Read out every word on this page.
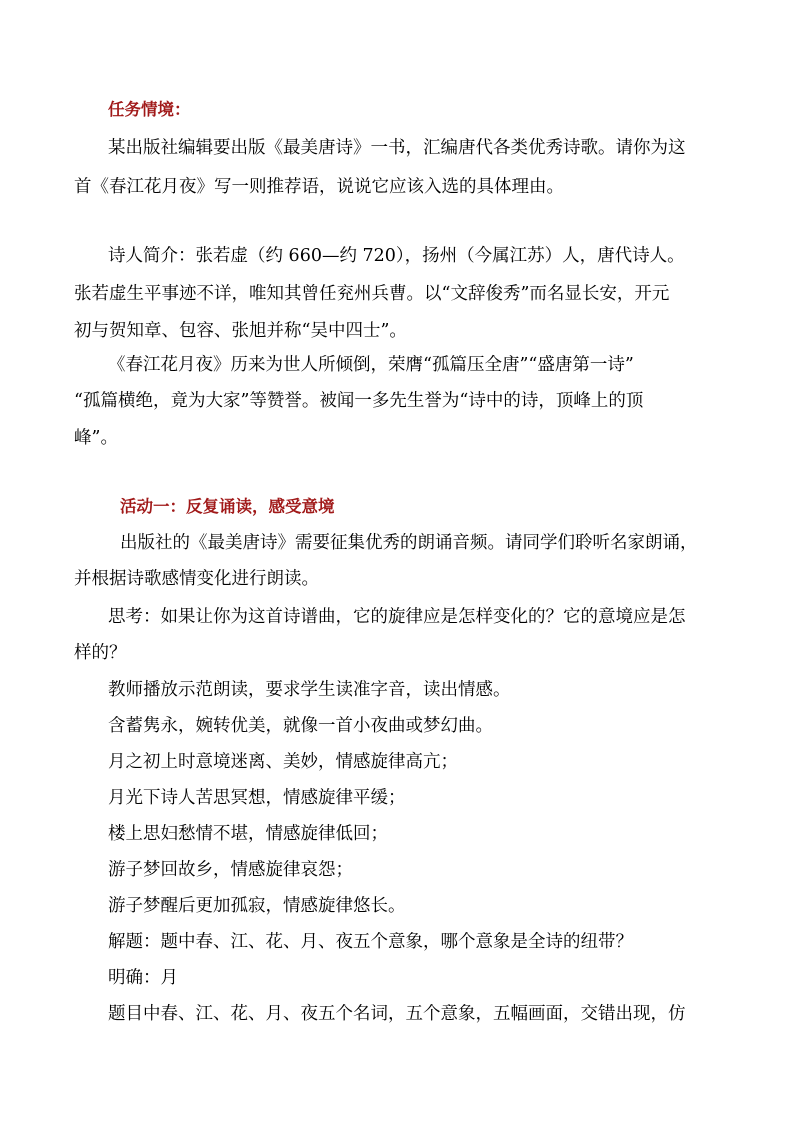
任务情境：
某出版社编辑要出版《最美唐诗》一书，汇编唐代各类优秀诗歌。请你为这
首《春江花月夜》写一则推荐语，说说它应该入选的具体理由。
诗人简介：张若虚（约 660—约 720），扬州（今属江苏）人，唐代诗人。
张若虚生平事迹不详，唯知其曾任兖州兵曹。以“文辞俊秀”而名显长安，开元
初与贺知章、包容、张旭并称“吴中四士”。
《春江花月夜》历来为世人所倾倒，荣膺“孤篇压全唐”“盛唐第一诗”
“孤篇横绝，竟为大家”等赞誉。被闻一多先生誉为“诗中的诗，顶峰上的顶
峰”。
活动一：反复诵读，感受意境
出版社的《最美唐诗》需要征集优秀的朗诵音频。请同学们聆听名家朗诵，
并根据诗歌感情变化进行朗读。
思考：如果让你为这首诗谱曲，它的旋律应是怎样变化的？它的意境应是怎
样的？
教师播放示范朗读，要求学生读准字音，读出情感。
含蓄隽永，婉转优美，就像一首小夜曲或梦幻曲。
月之初上时意境迷离、美妙，情感旋律高亢；
月光下诗人苦思冥想，情感旋律平缓；
楼上思妇愁情不堪，情感旋律低回；
游子梦回故乡，情感旋律哀怨；
游子梦醒后更加孤寂，情感旋律悠长。
解题：题中春、江、花、月、夜五个意象，哪个意象是全诗的纽带？
明确：月
题目中春、江、花、月、夜五个名词，五个意象，五幅画面，交错出现，仿
